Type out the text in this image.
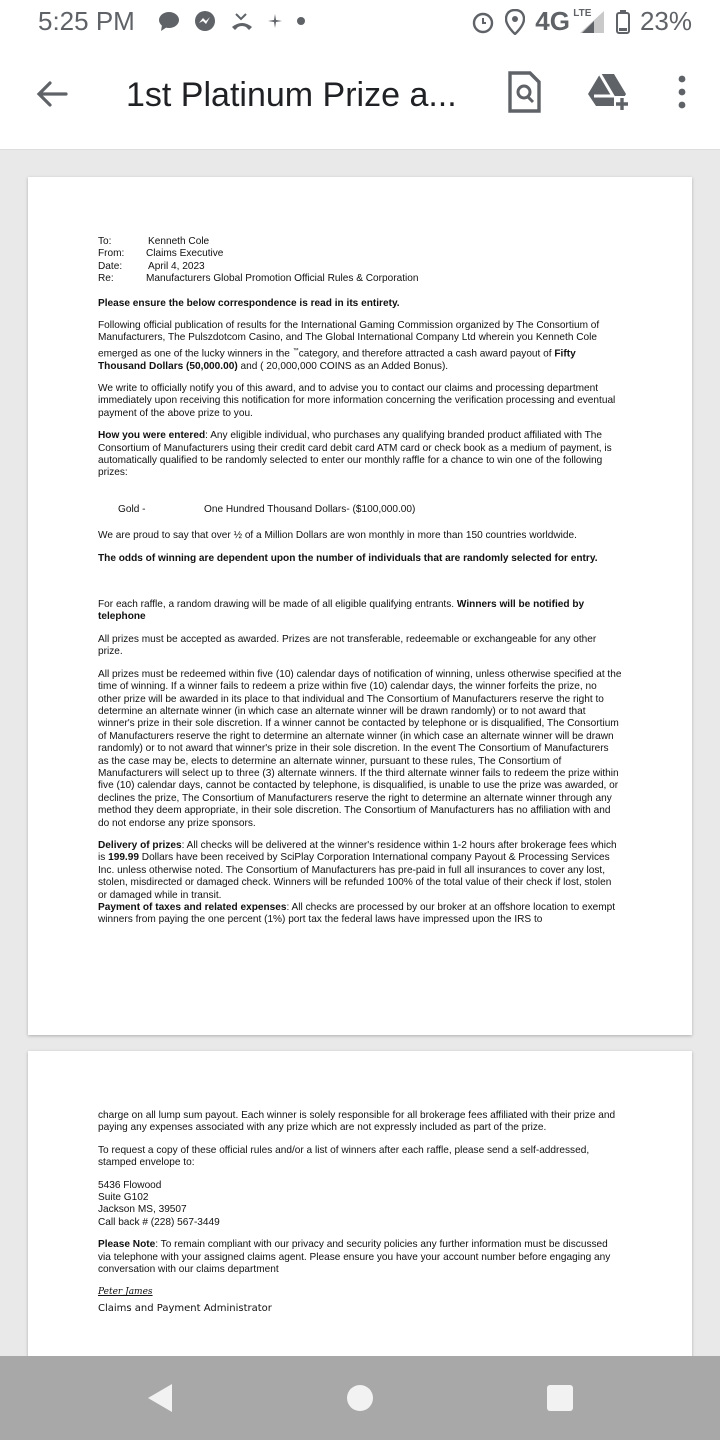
5:25 PM	4G LTE 23%
1st Platinum Prize a...
To:	Kenneth Cole
From:	Claims Executive
Date:	April 4, 2023
Re:	Manufacturers Global Promotion Official Rules & Corporation

Please ensure the below correspondence is read in its entirety.

Following official publication of results for the International Gaming Commission organized by The Consortium of Manufacturers, The Pulszdotcom Casino, and The Global International Company Ltd wherein you Kenneth Cole emerged as one of the lucky winners in the ™category, and therefore attracted a cash award payout of Fifty Thousand Dollars (50,000.00) and ( 20,000,000 COINS as an Added Bonus).

We write to officially notify you of this award, and to advise you to contact our claims and processing department immediately upon receiving this notification for more information concerning the verification processing and eventual payment of the above prize to you.

How you were entered: Any eligible individual, who purchases any qualifying branded product affiliated with The Consortium of Manufacturers using their credit card debit card ATM card or check book as a medium of payment, is automatically qualified to be randomly selected to enter our monthly raffle for a chance to win one of the following prizes:

Gold -	One Hundred Thousand Dollars- ($100,000.00)

We are proud to say that over ½ of a Million Dollars are won monthly in more than 150 countries worldwide.

The odds of winning are dependent upon the number of individuals that are randomly selected for entry.

For each raffle, a random drawing will be made of all eligible qualifying entrants. Winners will be notified by telephone

All prizes must be accepted as awarded. Prizes are not transferable, redeemable or exchangeable for any other prize.

All prizes must be redeemed within five (10) calendar days of notification of winning, unless otherwise specified at the time of winning. If a winner fails to redeem a prize within five (10) calendar days, the winner forfeits the prize, no other prize will be awarded in its place to that individual and The Consortium of Manufacturers reserve the right to determine an alternate winner (in which case an alternate winner will be drawn randomly) or to not award that winner's prize in their sole discretion. If a winner cannot be contacted by telephone or is disqualified, The Consortium of Manufacturers reserve the right to determine an alternate winner (in which case an alternate winner will be drawn randomly) or to not award that winner's prize in their sole discretion. In the event The Consortium of Manufacturers as the case may be, elects to determine an alternate winner, pursuant to these rules, The Consortium of Manufacturers will select up to three (3) alternate winners. If the third alternate winner fails to redeem the prize within five (10) calendar days, cannot be contacted by telephone, is disqualified, is unable to use the prize was awarded, or declines the prize, The Consortium of Manufacturers reserve the right to determine an alternate winner through any method they deem appropriate, in their sole discretion. The Consortium of Manufacturers has no affiliation with and do not endorse any prize sponsors.

Delivery of prizes: All checks will be delivered at the winner's residence within 1-2 hours after brokerage fees which is 199.99 Dollars have been received by SciPlay Corporation International company Payout & Processing Services Inc. unless otherwise noted. The Consortium of Manufacturers has pre-paid in full all insurances to cover any lost, stolen, misdirected or damaged check. Winners will be refunded 100% of the total value of their check if lost, stolen or damaged while in transit.

Payment of taxes and related expenses: All checks are processed by our broker at an offshore location to exempt winners from paying the one percent (1%) port tax the federal laws have impressed upon the IRS to

charge on all lump sum payout. Each winner is solely responsible for all brokerage fees affiliated with their prize and paying any expenses associated with any prize which are not expressly included as part of the prize.

To request a copy of these official rules and/or a list of winners after each raffle, please send a self-addressed, stamped envelope to:

5436 Flowood

Suite G102

Jackson MS, 39507

Call back # (228) 567-3449

Please Note: To remain compliant with our privacy and security policies any further information must be discussed via telephone with your assigned claims agent. Please ensure you have your account number before engaging any conversation with our claims department

Peter James
Claims and Payment Administrator
